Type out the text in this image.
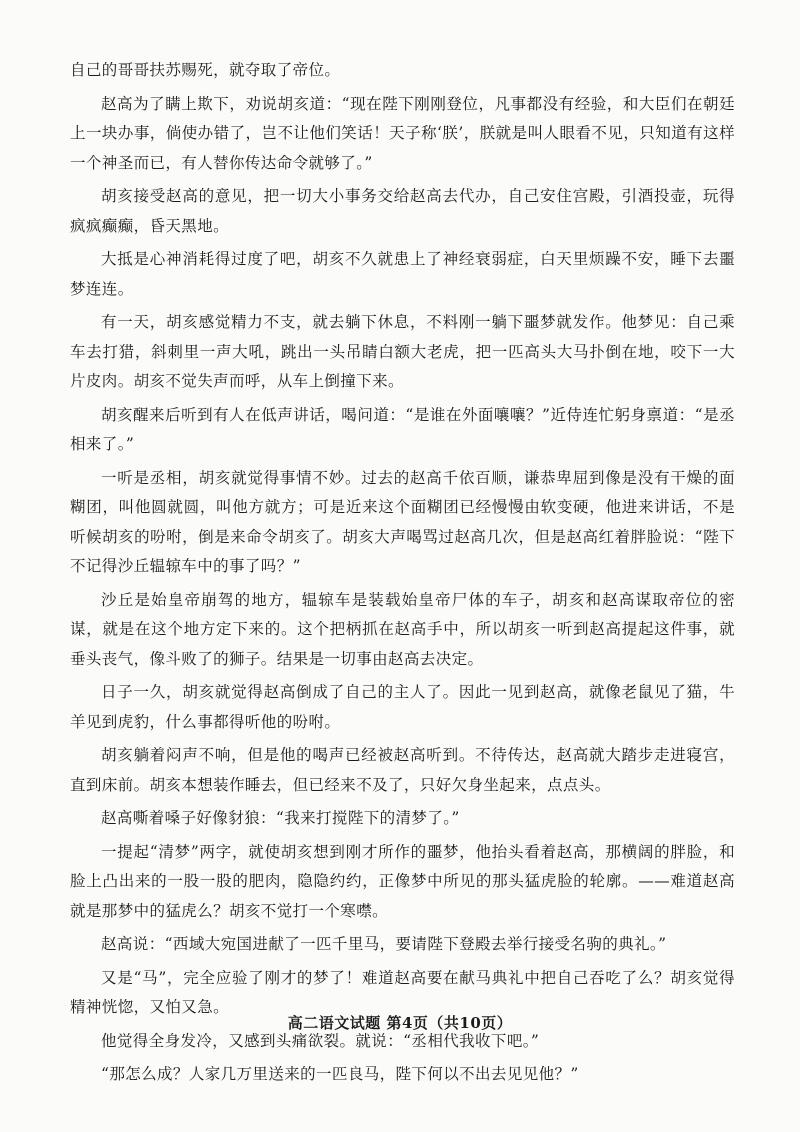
自己的哥哥扶苏赐死，就夺取了帝位。

赵高为了瞒上欺下，劝说胡亥道：“现在陛下刚刚登位，凡事都没有经验，和大臣们在朝廷上一块办事，倘使办错了，岂不让他们笑话！天子称‘朕’，朕就是叫人眼看不见，只知道有这样一个神圣而已，有人替你传达命令就够了。”

胡亥接受赵高的意见，把一切大小事务交给赵高去代办，自己安住宫殿，引酒投壶，玩得疯疯癫癫，昏天黑地。

大抵是心神消耗得过度了吧，胡亥不久就患上了神经衰弱症，白天里烦躁不安，睡下去噩梦连连。

有一天，胡亥感觉精力不支，就去躺下休息，不料刚一躺下噩梦就发作。他梦见：自己乘车去打猎，斜刺里一声大吼，跳出一头吊睛白额大老虎，把一匹高头大马扑倒在地，咬下一大片皮肉。胡亥不觉失声而呼，从车上倒撞下来。

胡亥醒来后听到有人在低声讲话，喝问道：“是谁在外面嚷嚷？”近侍连忙躬身禀道：“是丞相来了。”

一听是丞相，胡亥就觉得事情不妙。过去的赵高千依百顺，谦恭卑屈到像是没有干燥的面糊团，叫他圆就圆，叫他方就方；可是近来这个面糊团已经慢慢由软变硬，他进来讲话，不是听候胡亥的吩咐，倒是来命令胡亥了。胡亥大声喝骂过赵高几次，但是赵高红着胖脸说：“陛下不记得沙丘辒辌车中的事了吗？”

沙丘是始皇帝崩驾的地方，辒辌车是装载始皇帝尸体的车子，胡亥和赵高谋取帝位的密谋，就是在这个地方定下来的。这个把柄抓在赵高手中，所以胡亥一听到赵高提起这件事，就垂头丧气，像斗败了的狮子。结果是一切事由赵高去决定。

日子一久，胡亥就觉得赵高倒成了自己的主人了。因此一见到赵高，就像老鼠见了猫，牛羊见到虎豹，什么事都得听他的吩咐。

胡亥躺着闷声不响，但是他的喝声已经被赵高听到。不待传达，赵高就大踏步走进寝宫，直到床前。胡亥本想装作睡去，但已经来不及了，只好欠身坐起来，点点头。

赵高嘶着嗓子好像豺狼：“我来打搅陛下的清梦了。”

一提起“清梦”两字，就使胡亥想到刚才所作的噩梦，他抬头看着赵高，那横阔的胖脸，和脸上凸出来的一股一股的肥肉，隐隐约约，正像梦中所见的那头猛虎脸的轮廓。——难道赵高就是那梦中的猛虎么？胡亥不觉打一个寒噤。

赵高说：“西域大宛国进献了一匹千里马，要请陛下登殿去举行接受名驹的典礼。”

又是“马”，完全应验了刚才的梦了！难道赵高要在献马典礼中把自己吞吃了么？胡亥觉得精神恍惚，又怕又急。

他觉得全身发冷，又感到头痛欲裂。就说：“丞相代我收下吧。”

“那怎么成？人家几万里送来的一匹良马，陛下何以不出去见见他？”

高二语文试题 第4页（共10页）
